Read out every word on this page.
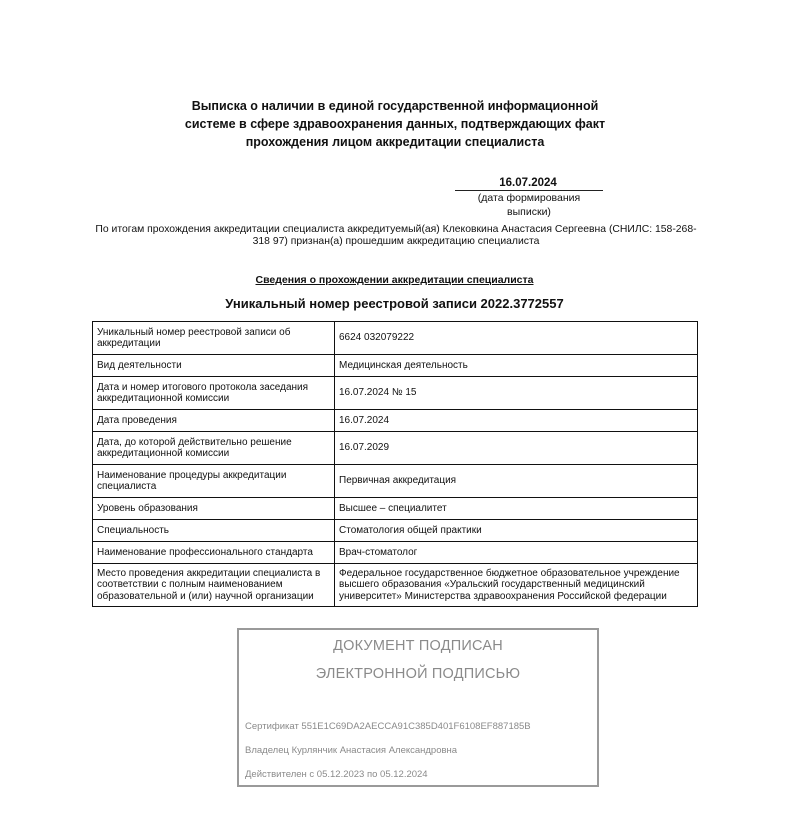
Выписка о наличии в единой государственной информационной
системе в сфере здравоохранения данных, подтверждающих факт
прохождения лицом аккредитации специалиста
16.07.2024
(дата формирования выписки)
По итогам прохождения аккредитации специалиста аккредитуемый(ая) Клековкина Анастасия Сергеевна (СНИЛС: 158-268-318 97) признан(а) прошедшим аккредитацию специалиста
Сведения о прохождении аккредитации специалиста
Уникальный номер реестровой записи 2022.3772557
Уникальный номер реестровой записи об аккредитации	6624 032079222
Вид деятельности	Медицинская деятельность
Дата и номер итогового протокола заседания аккредитационной комиссии	16.07.2024 № 15
Дата проведения	16.07.2024
Дата, до которой действительно решение аккредитационной комиссии	16.07.2029
Наименование процедуры аккредитации специалиста	Первичная аккредитация
Уровень образования	Высшее – специалитет
Специальность	Стоматология общей практики
Наименование профессионального стандарта	Врач-стоматолог
Место проведения аккредитации специалиста в соответствии с полным наименованием образовательной и (или) научной организации	Федеральное государственное бюджетное образовательное учреждение высшего образования «Уральский государственный медицинский университет» Министерства здравоохранения Российской федерации
ДОКУМЕНТ ПОДПИСАН
ЭЛЕКТРОННОЙ ПОДПИСЬЮ
Сертификат 551E1C69DA2AECCA91C385D401F6108EF887185B
Владелец Курлянчик Анастасия Александровна
Действителен с 05.12.2023 по 05.12.2024
